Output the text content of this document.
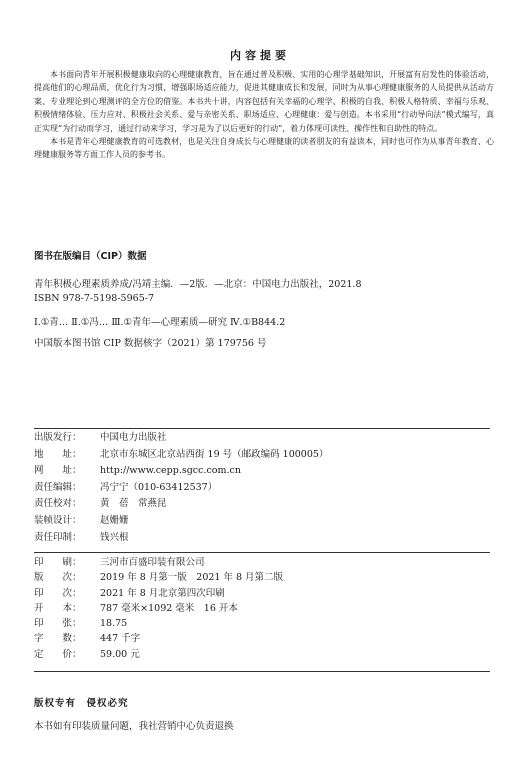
内容提要

本书面向青年开展积极健康取向的心理健康教育，旨在通过普及积极、实用的心理学基础知识，开展富有启发性的体验活动，提高他们的心理品质，优化行为习惯，增强职场适应能力，促进其健康成长和发展，同时为从事心理健康服务的人员提供从活动方案、专业理论到心理测评的全方位的借鉴。本书共十讲，内容包括有关幸福的心理学、积极的自我、积极人格特质、幸福与乐观、积极情绪体验、压力应对、积极社会关系、爱与亲密关系、职场适应、心理健康：爱与创造。本书采用“行动导向法”模式编写，真正实现“为行动而学习，通过行动来学习，学习是为了以后更好的行动”，着力体现可读性、操作性和自助性的特点。

本书是青年心理健康教育的可选教材，也是关注自身成长与心理健康的读者朋友的有益读本，同时也可作为从事青年教育、心理健康服务等方面工作人员的参考书。

图书在版编目（CIP）数据
青年积极心理素质养成/冯靖主编．—2版．—北京：中国电力出版社，2021.8
ISBN 978-7-5198-5965-7
Ⅰ.①青… Ⅱ.①冯… Ⅲ.①青年—心理素质—研究 Ⅳ.①B844.2
中国版本图书馆 CIP 数据核字（2021）第 179756 号
出版发行：	中国电力出版社
地　　址：	北京市东城区北京站西街 19 号（邮政编码 100005）
网　　址：	http://www.cepp.sgcc.com.cn
责任编辑：	冯宁宁（010-63412537）
责任校对：	黄　蓓　常燕昆
装帧设计：	赵姗姗
责任印制：	钱兴根
印　　刷：	三河市百盛印装有限公司
版　　次：	2019 年 8 月第一版　2021 年 8 月第二版
印　　次：	2021 年 8 月北京第四次印刷
开　　本：	787 毫米×1092 毫米　16 开本
印　　张：	18.75
字　　数：	447 千字
定　　价：	59.00 元
版权专有　侵权必究
本书如有印装质量问题，我社营销中心负责退换
